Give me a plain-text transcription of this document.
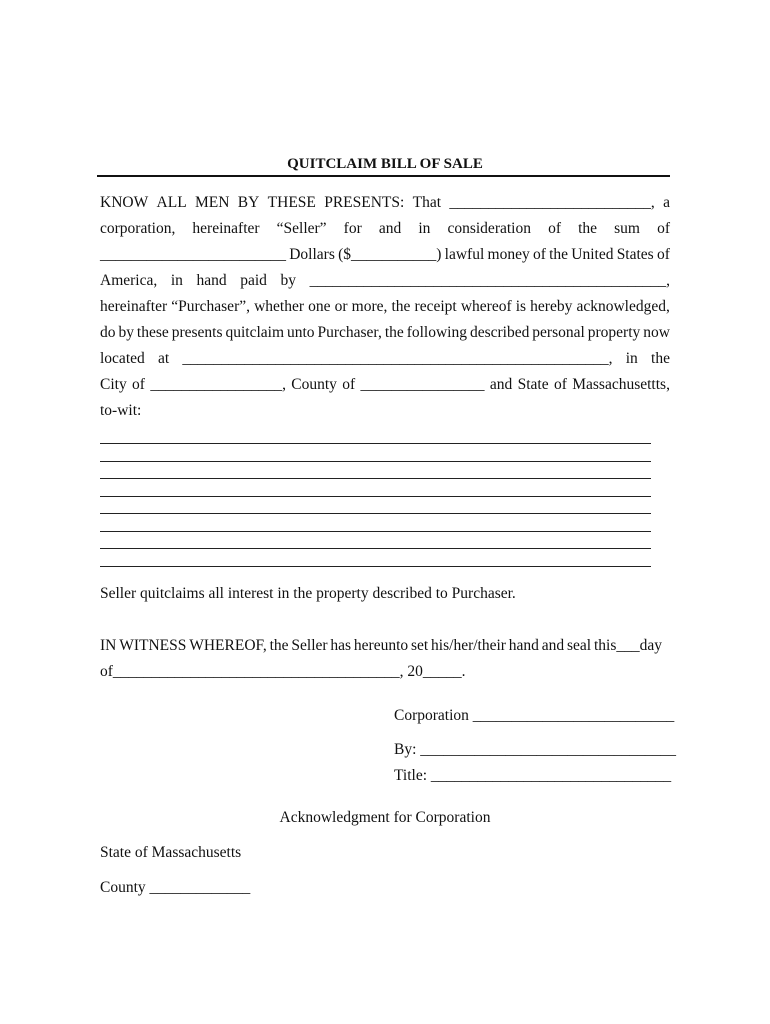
QUITCLAIM BILL OF SALE
KNOW ALL MEN BY THESE PRESENTS: That __________________________, a
corporation, hereinafter “Seller” for and in consideration of the sum of
________________________ Dollars ($___________) lawful money of the United States of
America, in hand paid by ______________________________________________,
hereinafter “Purchaser”, whether one or more, the receipt whereof is hereby acknowledged,
do by these presents quitclaim unto Purchaser, the following described personal property now
located at _______________________________________________________, in the
City of _________________, County of ________________ and State of Massachusettts,
to-wit:
Seller quitclaims all interest in the property described to Purchaser.
IN WITNESS WHEREOF, the Seller has hereunto set his/her/their hand and seal this___day
of_____________________________________, 20_____.
Corporation __________________________
By: _________________________________
Title: _______________________________
Acknowledgment for Corporation
State of Massachusetts
County _____________
